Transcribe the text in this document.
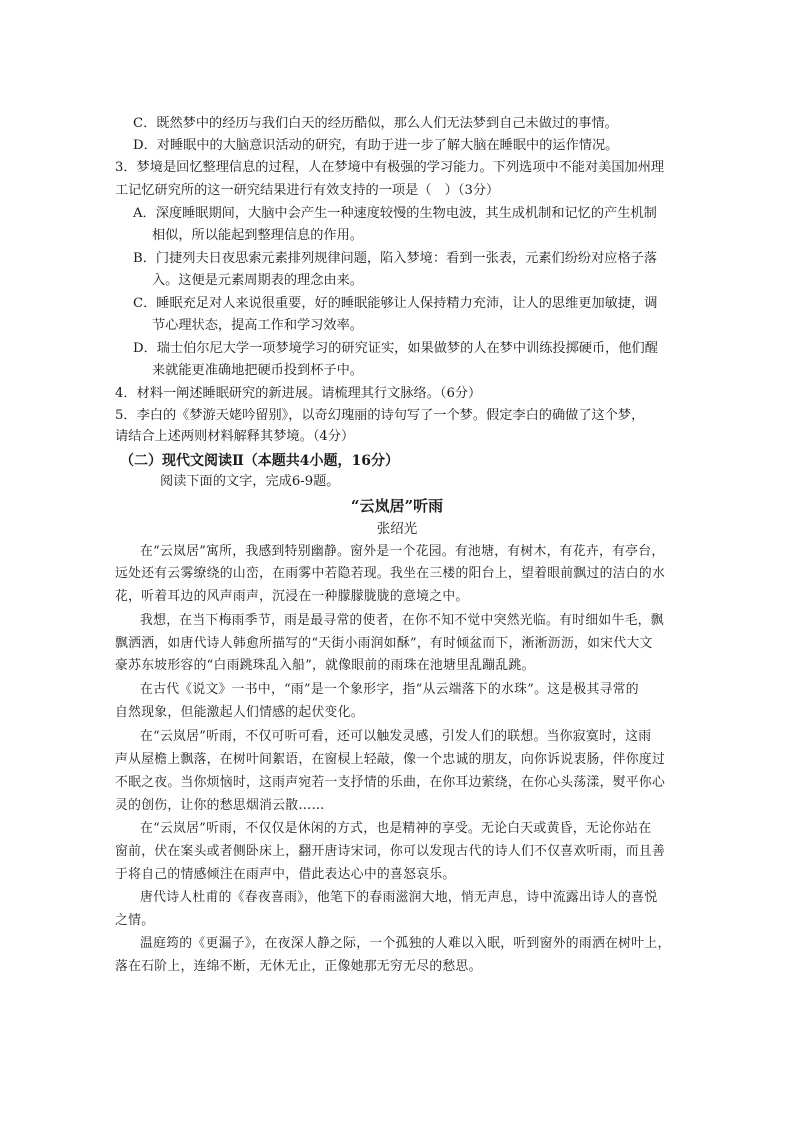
C．既然梦中的经历与我们白天的经历酷似，那么人们无法梦到自己未做过的事情。
D．对睡眠中的大脑意识活动的研究，有助于进一步了解大脑在睡眠中的运作情况。
3．梦境是回忆整理信息的过程，人在梦境中有极强的学习能力。下列选项中不能对美国加州理
工记忆研究所的这一研究结果进行有效支持的一项是（　）（3分）
A．深度睡眠期间，大脑中会产生一种速度较慢的生物电波，其生成机制和记忆的产生机制
相似，所以能起到整理信息的作用。
B．门捷列夫日夜思索元素排列规律问题，陷入梦境：看到一张表，元素们纷纷对应格子落
入。这便是元素周期表的理念由来。
C．睡眠充足对人来说很重要，好的睡眠能够让人保持精力充沛，让人的思维更加敏捷，调
节心理状态，提高工作和学习效率。
D．瑞士伯尔尼大学一项梦境学习的研究证实，如果做梦的人在梦中训练投掷硬币，他们醒
来就能更准确地把硬币投到杯子中。
4．材料一阐述睡眠研究的新进展。请梳理其行文脉络。（6分）
5．李白的《梦游天姥吟留别》，以奇幻瑰丽的诗句写了一个梦。假定李白的确做了这个梦，
请结合上述两则材料解释其梦境。（4分）
（二）现代文阅读Ⅱ（本题共4小题，16分）
阅读下面的文字，完成6-9题。
“云岚居”听雨
张绍光
在“云岚居”寓所，我感到特别幽静。窗外是一个花园。有池塘，有树木，有花卉，有亭台，
远处还有云雾缭绕的山峦，在雨雾中若隐若现。我坐在三楼的阳台上，望着眼前飘过的洁白的水
花，听着耳边的风声雨声，沉浸在一种朦朦胧胧的意境之中。
我想，在当下梅雨季节，雨是最寻常的使者，在你不知不觉中突然光临。有时细如牛毛，飘
飘洒洒，如唐代诗人韩愈所描写的“天街小雨润如酥”，有时倾盆而下，淅淅沥沥，如宋代大文
豪苏东坡形容的“白雨跳珠乱入船”，就像眼前的雨珠在池塘里乱蹦乱跳。
在古代《说文》一书中，“雨”是一个象形字，指“从云端落下的水珠”。这是极其寻常的
自然现象，但能激起人们情感的起伏变化。
在“云岚居”听雨，不仅可听可看，还可以触发灵感，引发人们的联想。当你寂寞时，这雨
声从屋檐上飘落，在树叶间絮语，在窗棂上轻敲，像一个忠诚的朋友，向你诉说衷肠，伴你度过
不眠之夜。当你烦恼时，这雨声宛若一支抒情的乐曲，在你耳边萦绕，在你心头荡漾，熨平你心
灵的创伤，让你的愁思烟消云散……
在“云岚居”听雨，不仅仅是休闲的方式，也是精神的享受。无论白天或黄昏，无论你站在
窗前，伏在案头或者侧卧床上，翻开唐诗宋词，你可以发现古代的诗人们不仅喜欢听雨，而且善
于将自己的情感倾注在雨声中，借此表达心中的喜怒哀乐。
唐代诗人杜甫的《春夜喜雨》，他笔下的春雨滋润大地，悄无声息，诗中流露出诗人的喜悦
之情。
温庭筠的《更漏子》，在夜深人静之际，一个孤独的人难以入眠，听到窗外的雨洒在树叶上，
落在石阶上，连绵不断，无休无止，正像她那无穷无尽的愁思。
